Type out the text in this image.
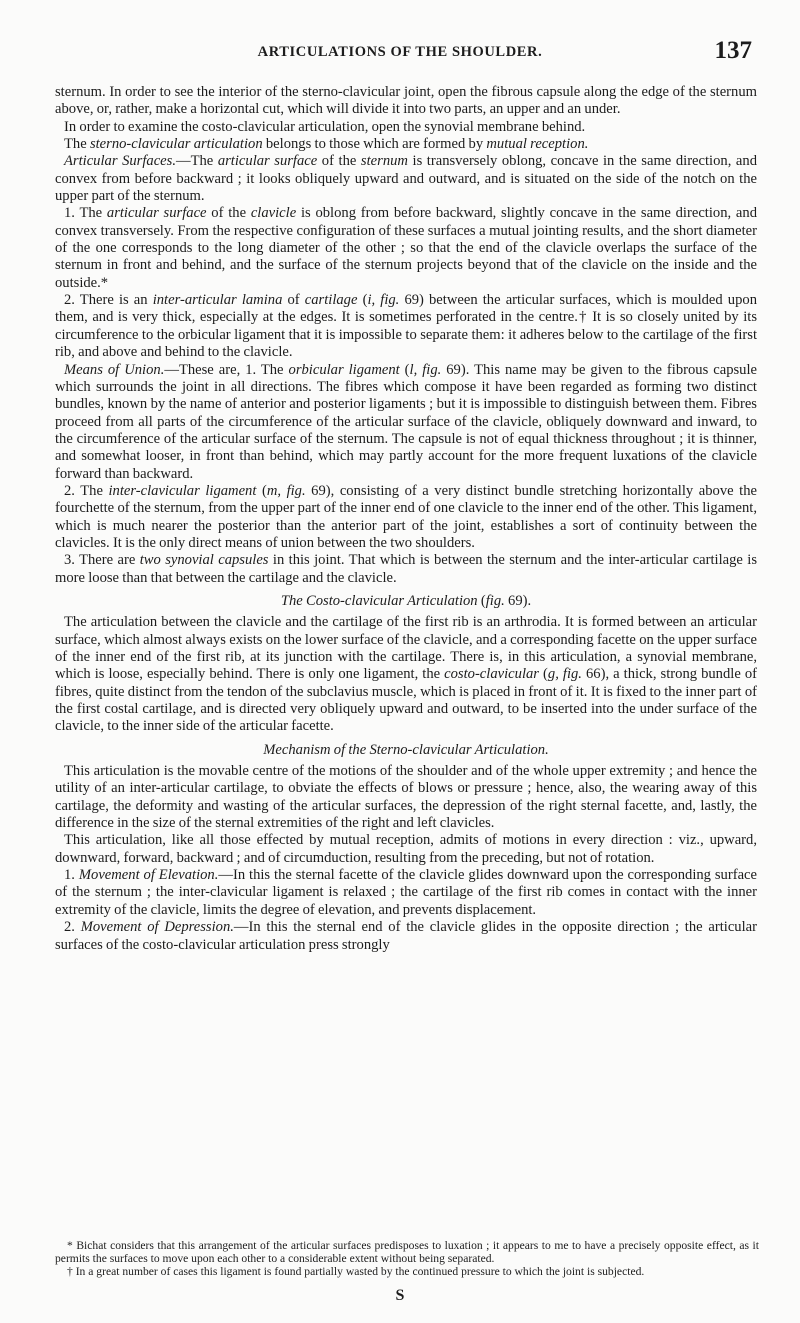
ARTICULATIONS OF THE SHOULDER.	137

sternum. In order to see the interior of the sterno-clavicular joint, open the fibrous capsule along the edge of the sternum above, or, rather, make a horizontal cut, which will divide it into two parts, an upper and an under.

In order to examine the costo-clavicular articulation, open the synovial membrane behind.

The sterno-clavicular articulation belongs to those which are formed by mutual reception.

Articular Surfaces.—The articular surface of the sternum is transversely oblong, concave in the same direction, and convex from before backward ; it looks obliquely upward and outward, and is situated on the side of the notch on the upper part of the sternum.

1. The articular surface of the clavicle is oblong from before backward, slightly concave in the same direction, and convex transversely. From the respective configuration of these surfaces a mutual jointing results, and the short diameter of the one corresponds to the long diameter of the other ; so that the end of the clavicle overlaps the surface of the sternum in front and behind, and the surface of the sternum projects beyond that of the clavicle on the inside and the outside.*

2. There is an inter-articular lamina of cartilage (i, fig. 69) between the articular surfaces, which is moulded upon them, and is very thick, especially at the edges. It is sometimes perforated in the centre.† It is so closely united by its circumference to the orbicular ligament that it is impossible to separate them: it adheres below to the cartilage of the first rib, and above and behind to the clavicle.

Means of Union.—These are, 1. The orbicular ligament (l, fig. 69). This name may be given to the fibrous capsule which surrounds the joint in all directions. The fibres which compose it have been regarded as forming two distinct bundles, known by the name of anterior and posterior ligaments ; but it is impossible to distinguish between them. Fibres proceed from all parts of the circumference of the articular surface of the clavicle, obliquely downward and inward, to the circumference of the articular surface of the sternum. The capsule is not of equal thickness throughout ; it is thinner, and somewhat looser, in front than behind, which may partly account for the more frequent luxations of the clavicle forward than backward.

2. The inter-clavicular ligament (m, fig. 69), consisting of a very distinct bundle stretching horizontally above the fourchette of the sternum, from the upper part of the inner end of one clavicle to the inner end of the other. This ligament, which is much nearer the posterior than the anterior part of the joint, establishes a sort of continuity between the clavicles. It is the only direct means of union between the two shoulders.

3. There are two synovial capsules in this joint. That which is between the sternum and the inter-articular cartilage is more loose than that between the cartilage and the clavicle.

The Costo-clavicular Articulation (fig. 69).

The articulation between the clavicle and the cartilage of the first rib is an arthrodia. It is formed between an articular surface, which almost always exists on the lower surface of the clavicle, and a corresponding facette on the upper surface of the inner end of the first rib, at its junction with the cartilage. There is, in this articulation, a synovial membrane, which is loose, especially behind. There is only one ligament, the costo-clavicular (g, fig. 66), a thick, strong bundle of fibres, quite distinct from the tendon of the subclavius muscle, which is placed in front of it. It is fixed to the inner part of the first costal cartilage, and is directed very obliquely upward and outward, to be inserted into the under surface of the clavicle, to the inner side of the articular facette.

Mechanism of the Sterno-clavicular Articulation.

This articulation is the movable centre of the motions of the shoulder and of the whole upper extremity ; and hence the utility of an inter-articular cartilage, to obviate the effects of blows or pressure ; hence, also, the wearing away of this cartilage, the deformity and wasting of the articular surfaces, the depression of the right sternal facette, and, lastly, the difference in the size of the sternal extremities of the right and left clavicles.

This articulation, like all those effected by mutual reception, admits of motions in every direction : viz., upward, downward, forward, backward ; and of circumduction, resulting from the preceding, but not of rotation.

1. Movement of Elevation.—In this the sternal facette of the clavicle glides downward upon the corresponding surface of the sternum ; the inter-clavicular ligament is relaxed ; the cartilage of the first rib comes in contact with the inner extremity of the clavicle, limits the degree of elevation, and prevents displacement.

2. Movement of Depression.—In this the sternal end of the clavicle glides in the opposite direction ; the articular surfaces of the costo-clavicular articulation press strongly

* Bichat considers that this arrangement of the articular surfaces predisposes to luxation ; it appears to me to have a precisely opposite effect, as it permits the surfaces to move upon each other to a considerable extent without being separated.

† In a great number of cases this ligament is found partially wasted by the continued pressure to which the joint is subjected.

S
